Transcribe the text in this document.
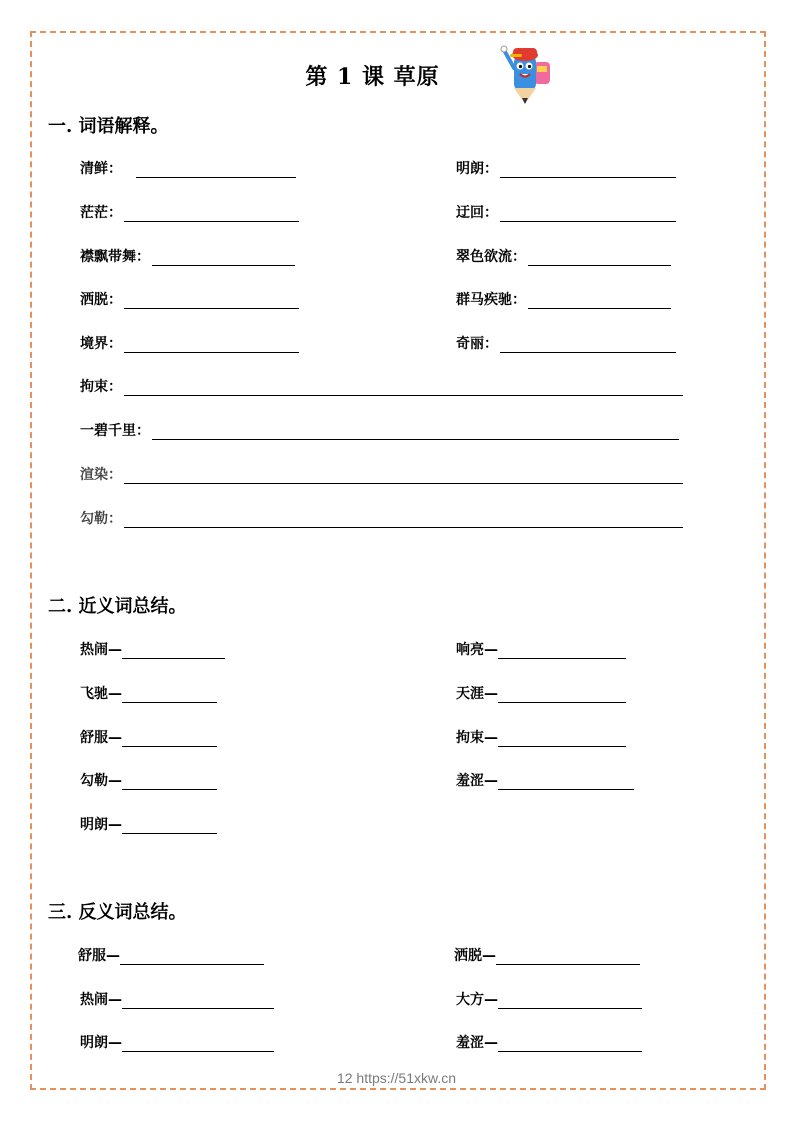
第 1 课 草原
一. 词语解释。
清鲜：	明朗：
茫茫：	迂回：
襟飘带舞：	翠色欲流：
洒脱：	群马疾驰：
境界：	奇丽：
拘束：
一碧千里：
渲染：
勾勒：
二. 近义词总结。
热闹—	响亮—
飞驰—	天涯—
舒服—	拘束—
勾勒—	羞涩—
明朗—
三. 反义词总结。
舒服—	洒脱—
热闹—	大方—
明朗—	羞涩—
12 https://51xkw.cn
